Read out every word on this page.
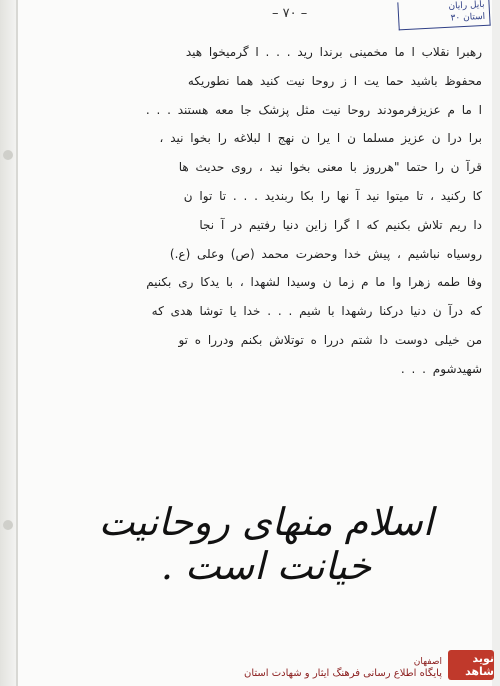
– ۷۰ –
بایل رایان
استان ۳۰
رهبرا نقلاب ا ما مخمینی برندا رید . . . ا گرمیخوا هید
محفوظ باشید حما یت ا ز روحا نیت کنید هما نطوریکه
ا ما م عزیزفرمودند روحا نیت مثل پزشک جا معه هستند . . .
برا درا ن عزیز مسلما ن ا یرا ن نهج ا لبلاغه را بخوا نید ،
قرآ ن را حتما "هرروز با معنی بخوا نید ، روی حدیث ها
کا رکنید ، تا میتوا نید آ نها را بکا ربندید . . . تا توا ن
دا ریم تلاش بکنیم که ا گرا زاین دنیا رفتیم در آ نجا
روسیاه نباشیم ، پیش خدا وحضرت محمد (ص) وعلی (ع.)
وفا طمه زهرا وا ما م زما ن وسیدا لشهدا ، با یدکا ری بکنیم
که درآ ن دنیا درکنا رشهدا با شیم . . . خدا یا توشا هدی که
من خیلی دوست دا شتم دررا ه توتلاش بکنم ودررا ه تو
شهیدشوم . . .
اسلام منهای روحانیت خیانت است .
اصفهان
پایگاه اطلاع رسانی فرهنگ ایثار و شهادت استان
نوید شاهد
